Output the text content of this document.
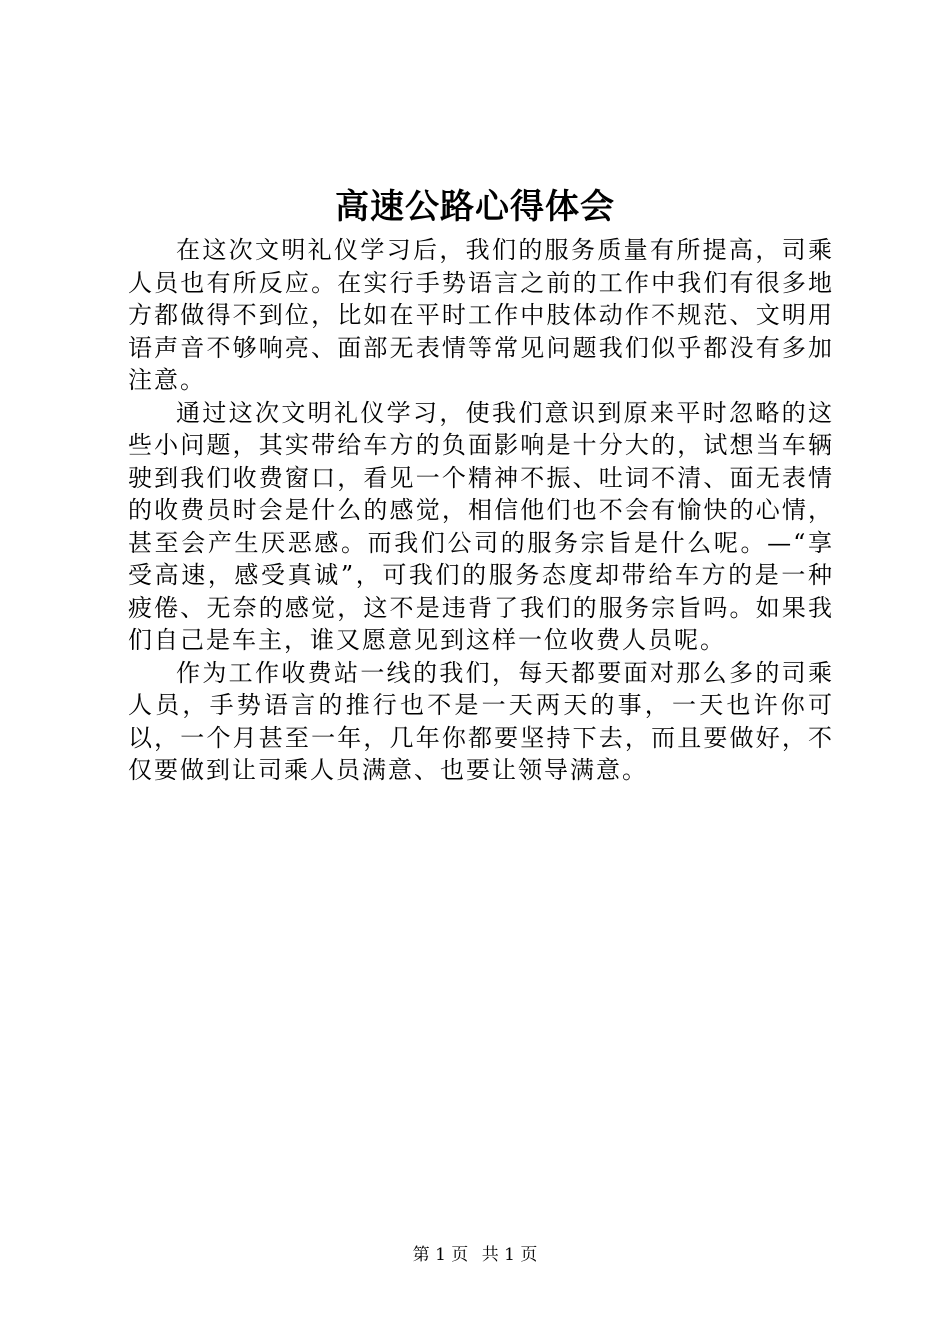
高速公路心得体会

在这次文明礼仪学习后，我们的服务质量有所提高，司乘人员也有所反应。在实行手势语言之前的工作中我们有很多地方都做得不到位，比如在平时工作中肢体动作不规范、文明用语声音不够响亮、面部无表情等常见问题我们似乎都没有多加注意。

通过这次文明礼仪学习，使我们意识到原来平时忽略的这些小问题，其实带给车方的负面影响是十分大的，试想当车辆驶到我们收费窗口，看见一个精神不振、吐词不清、面无表情的收费员时会是什么的感觉，相信他们也不会有愉快的心情，甚至会产生厌恶感。而我们公司的服务宗旨是什么呢。—“享受高速，感受真诚”，可我们的服务态度却带给车方的是一种疲倦、无奈的感觉，这不是违背了我们的服务宗旨吗。如果我们自己是车主，谁又愿意见到这样一位收费人员呢。

作为工作收费站一线的我们，每天都要面对那么多的司乘人员，手势语言的推行也不是一天两天的事，一天也许你可以，一个月甚至一年，几年你都要坚持下去，而且要做好，不仅要做到让司乘人员满意、也要让领导满意。

第 1 页 共 1 页
